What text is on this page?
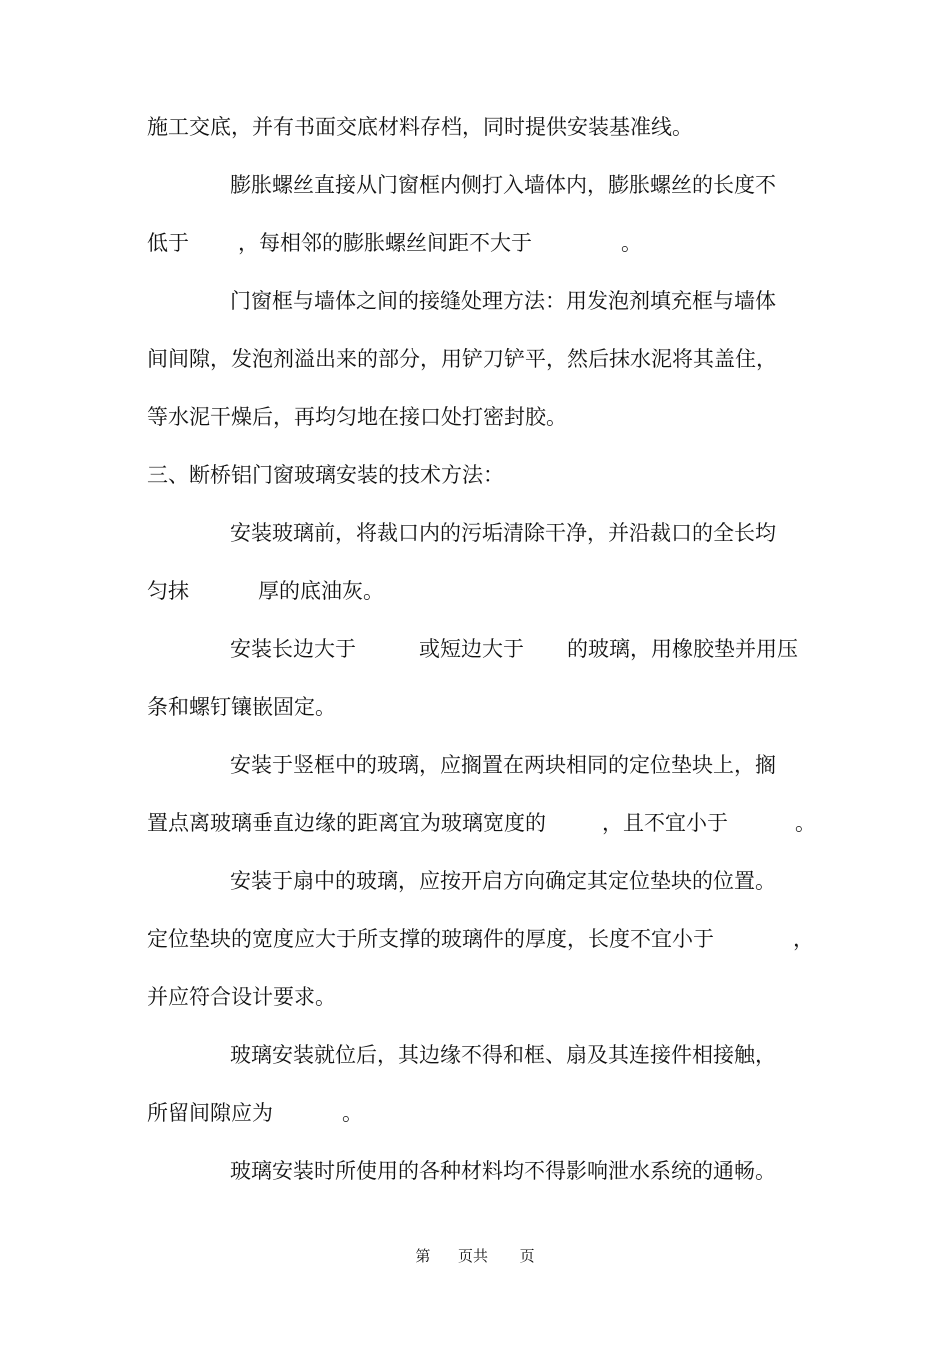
施工交底，并有书面交底材料存档，同时提供安装基准线。
膨胀螺丝直接从门窗框内侧打入墙体内，膨胀螺丝的长度不
低于 ，每相邻的膨胀螺丝间距不大于	。
门窗框与墙体之间的接缝处理方法：用发泡剂填充框与墙体
间间隙，发泡剂溢出来的部分，用铲刀铲平，然后抹水泥将其盖住，
等水泥干燥后，再均匀地在接口处打密封胶。
三、断桥铝门窗玻璃安装的技术方法：
安装玻璃前，将裁口内的污垢清除干净，并沿裁口的全长均
匀抹	厚的底油灰。
安装长边大于	或短边大于 的玻璃，用橡胶垫并用压
条和螺钉镶嵌固定。
安装于竖框中的玻璃，应搁置在两块相同的定位垫块上，搁
置点离玻璃垂直边缘的距离宜为玻璃宽度的	，且不宜小于	。
安装于扇中的玻璃，应按开启方向确定其定位垫块的位置。
定位垫块的宽度应大于所支撑的玻璃件的厚度，长度不宜小于	，
并应符合设计要求。
玻璃安装就位后，其边缘不得和框、扇及其连接件相接触，
所留间隙应为	。
玻璃安装时所使用的各种材料均不得影响泄水系统的通畅。
第 页共 页
